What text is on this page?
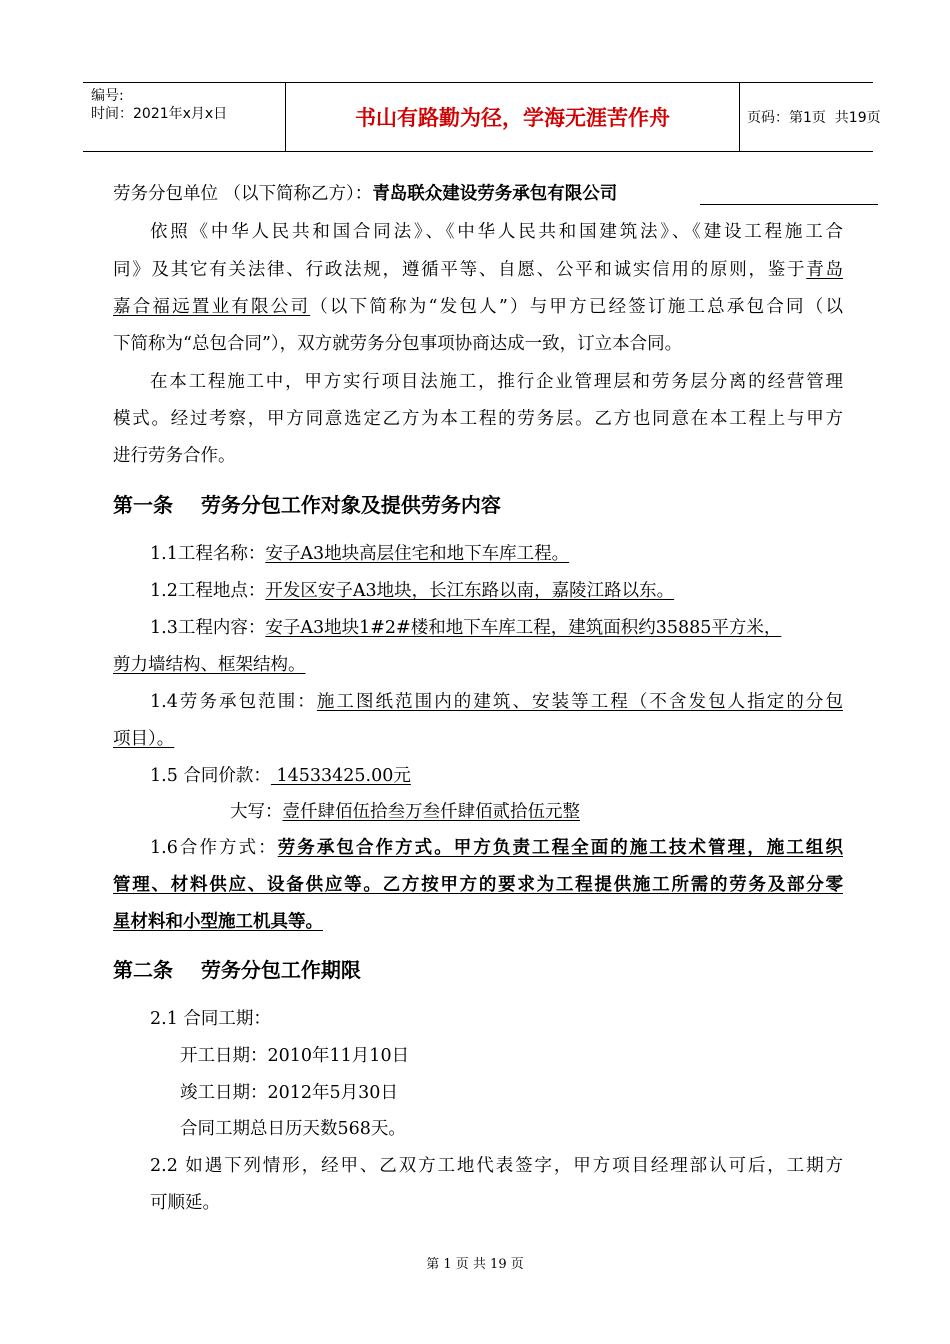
编号:
时间：2021年x月x日	书山有路勤为径，学海无涯苦作舟	页码：第1页  共19页
劳务分包单位 （以下简称乙方）：青岛联众建设劳务承包有限公司
依照《中华人民共和国合同法》、《中华人民共和国建筑法》、《建设工程施工合
同》及其它有关法律、行政法规，遵循平等、自愿、公平和诚实信用的原则，鉴于青岛
嘉合福远置业有限公司（以下简称为“发包人”）与甲方已经签订施工总承包合同（以
下简称为“总包合同”），双方就劳务分包事项协商达成一致，订立本合同。
在本工程施工中，甲方实行项目法施工，推行企业管理层和劳务层分离的经营管理
模式。经过考察，甲方同意选定乙方为本工程的劳务层。乙方也同意在本工程上与甲方
进行劳务合作。
第一条    劳务分包工作对象及提供劳务内容
1.1工程名称：安子A3地块高层住宅和地下车库工程。
1.2工程地点：开发区安子A3地块，长江东路以南，嘉陵江路以东。
1.3工程内容：安子A3地块1#2#楼和地下车库工程，建筑面积约35885平方米，
剪力墙结构、框架结构。
1.4劳务承包范围：施工图纸范围内的建筑、安装等工程（不含发包人指定的分包
项目）。
1.5 合同价款： 14533425.00元
大写：壹仟肆佰伍拾叁万叁仟肆佰贰拾伍元整
1.6合作方式：劳务承包合作方式。甲方负责工程全面的施工技术管理，施工组织
管理、材料供应、设备供应等。乙方按甲方的要求为工程提供施工所需的劳务及部分零
星材料和小型施工机具等。
第二条    劳务分包工作期限
2.1 合同工期：
开工日期：2010年11月10日
竣工日期：2012年5月30日
合同工期总日历天数568天。
2.2 如遇下列情形，经甲、乙双方工地代表签字，甲方项目经理部认可后，工期方
可顺延。
第 1 页 共 19 页
